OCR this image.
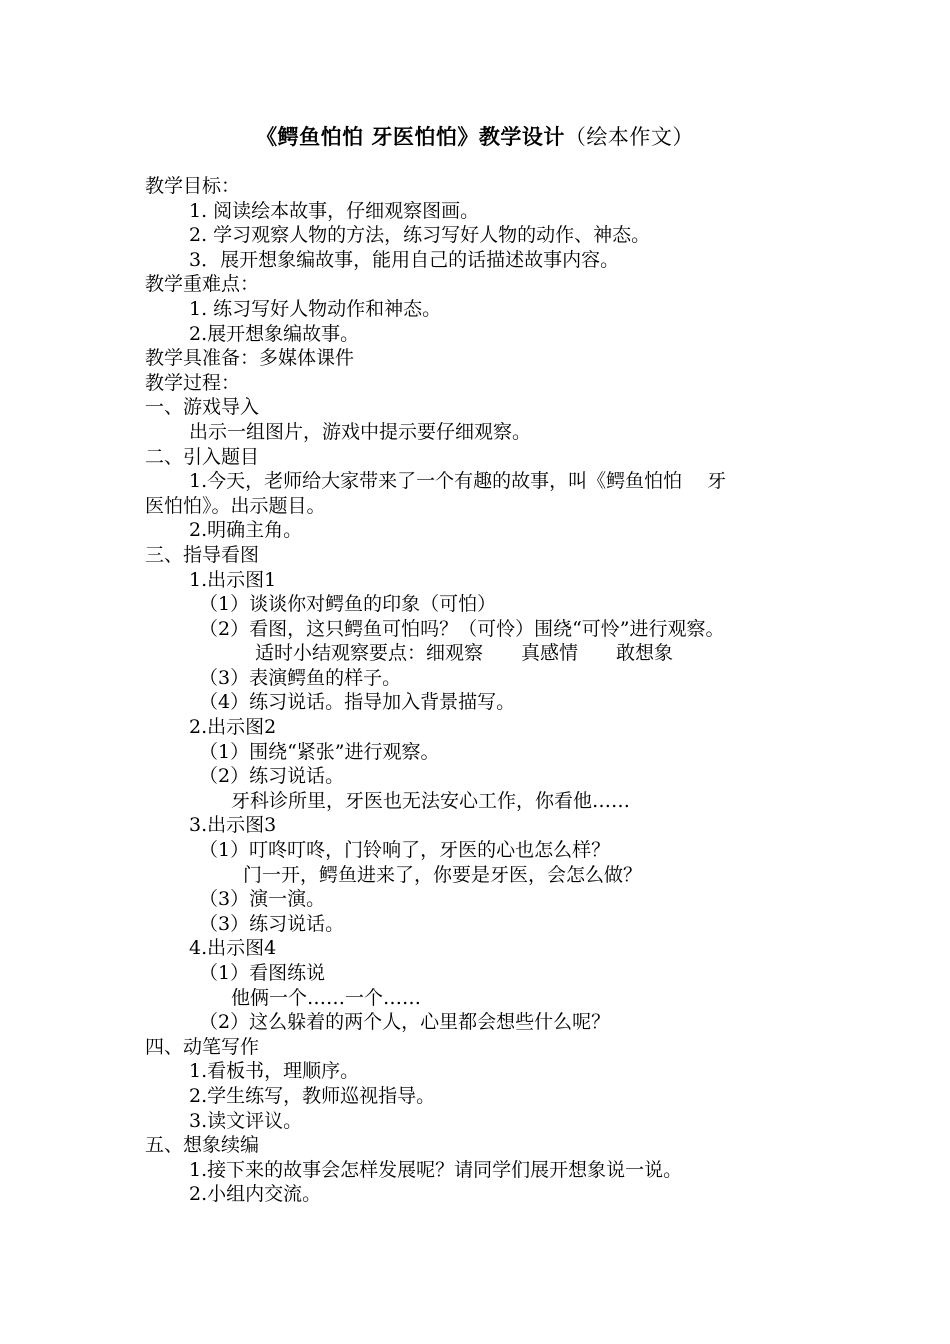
《鳄鱼怕怕 牙医怕怕》教学设计（绘本作文）
教学目标：
1. 阅读绘本故事，仔细观察图画。
2. 学习观察人物的方法，练习写好人物的动作、神态。
3．展开想象编故事，能用自己的话描述故事内容。
教学重难点：
1. 练习写好人物动作和神态。
2.展开想象编故事。
教学具准备：多媒体课件
教学过程：
一、游戏导入
出示一组图片，游戏中提示要仔细观察。
二、引入题目
1.今天，老师给大家带来了一个有趣的故事，叫《鳄鱼怕怕　 牙
医怕怕》。出示题目。
2.明确主角。
三、指导看图
1.出示图1
（1）谈谈你对鳄鱼的印象（可怕）
（2）看图，这只鳄鱼可怕吗？（可怜）围绕“可怜”进行观察。
适时小结观察要点：细观察　　真感情　　敢想象
（3）表演鳄鱼的样子。
（4）练习说话。指导加入背景描写。
2.出示图2
（1）围绕“紧张”进行观察。
（2）练习说话。
牙科诊所里，牙医也无法安心工作，你看他……
3.出示图3
（1）叮咚叮咚，门铃响了，牙医的心也怎么样？
门一开，鳄鱼进来了，你要是牙医，会怎么做？
（3）演一演。
（3）练习说话。
4.出示图4
（1）看图练说
他俩一个……一个……
（2）这么躲着的两个人，心里都会想些什么呢？
四、动笔写作
1.看板书，理顺序。
2.学生练写，教师巡视指导。
3.读文评议。
五、想象续编
1.接下来的故事会怎样发展呢？请同学们展开想象说一说。
2.小组内交流。
